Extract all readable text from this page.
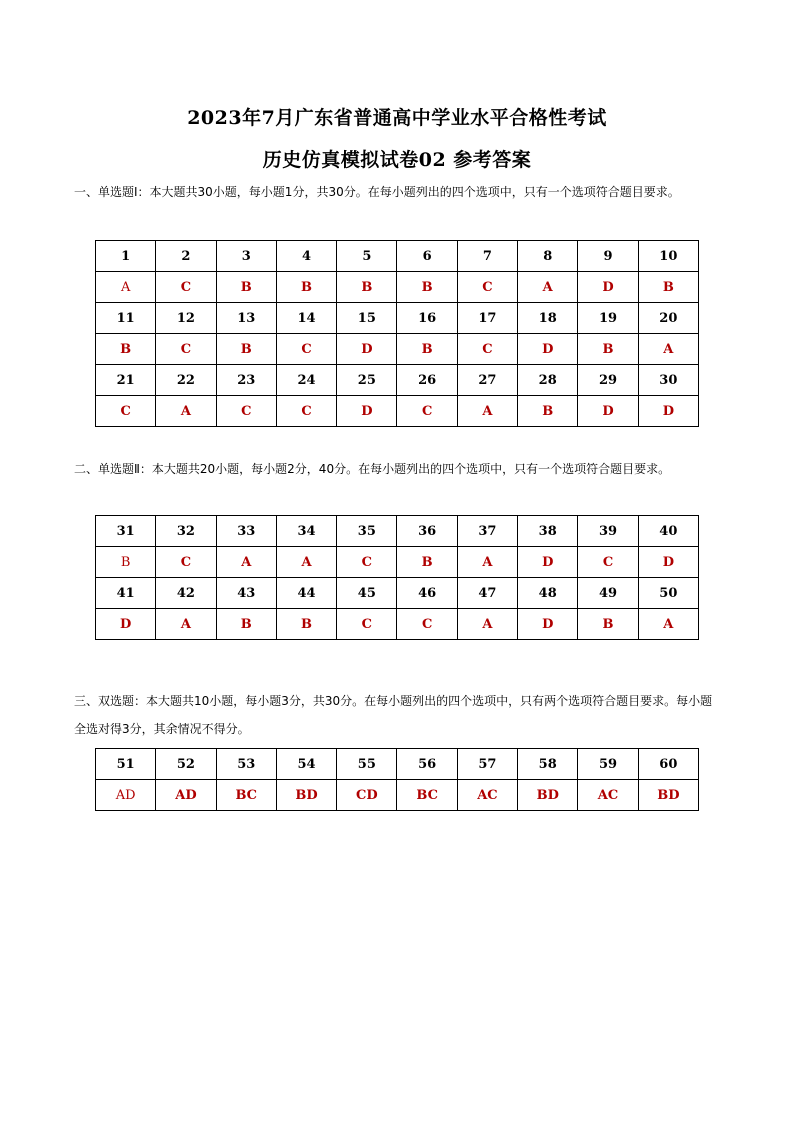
2023年7月广东省普通高中学业水平合格性考试
历史仿真模拟试卷02 参考答案
一、单选题Ⅰ：本大题共30小题，每小题1分，共30分。在每小题列出的四个选项中，只有一个选项符合题目要求。
1	2	3	4	5	6	7	8	9	10
A	C	B	B	B	B	C	A	D	B
11	12	13	14	15	16	17	18	19	20
B	C	B	C	D	B	C	D	B	A
21	22	23	24	25	26	27	28	29	30
C	A	C	C	D	C	A	B	D	D
二、单选题Ⅱ：本大题共20小题，每小题2分，40分。在每小题列出的四个选项中，只有一个选项符合题目要求。
31	32	33	34	35	36	37	38	39	40
B	C	A	A	C	B	A	D	C	D
41	42	43	44	45	46	47	48	49	50
D	A	B	B	C	C	A	D	B	A
三、双选题：本大题共10小题，每小题3分，共30分。在每小题列出的四个选项中，只有两个选项符合题目要求。每小题全选对得3分，其余情况不得分。
51	52	53	54	55	56	57	58	59	60
AD	AD	BC	BD	CD	BC	AC	BD	AC	BD
